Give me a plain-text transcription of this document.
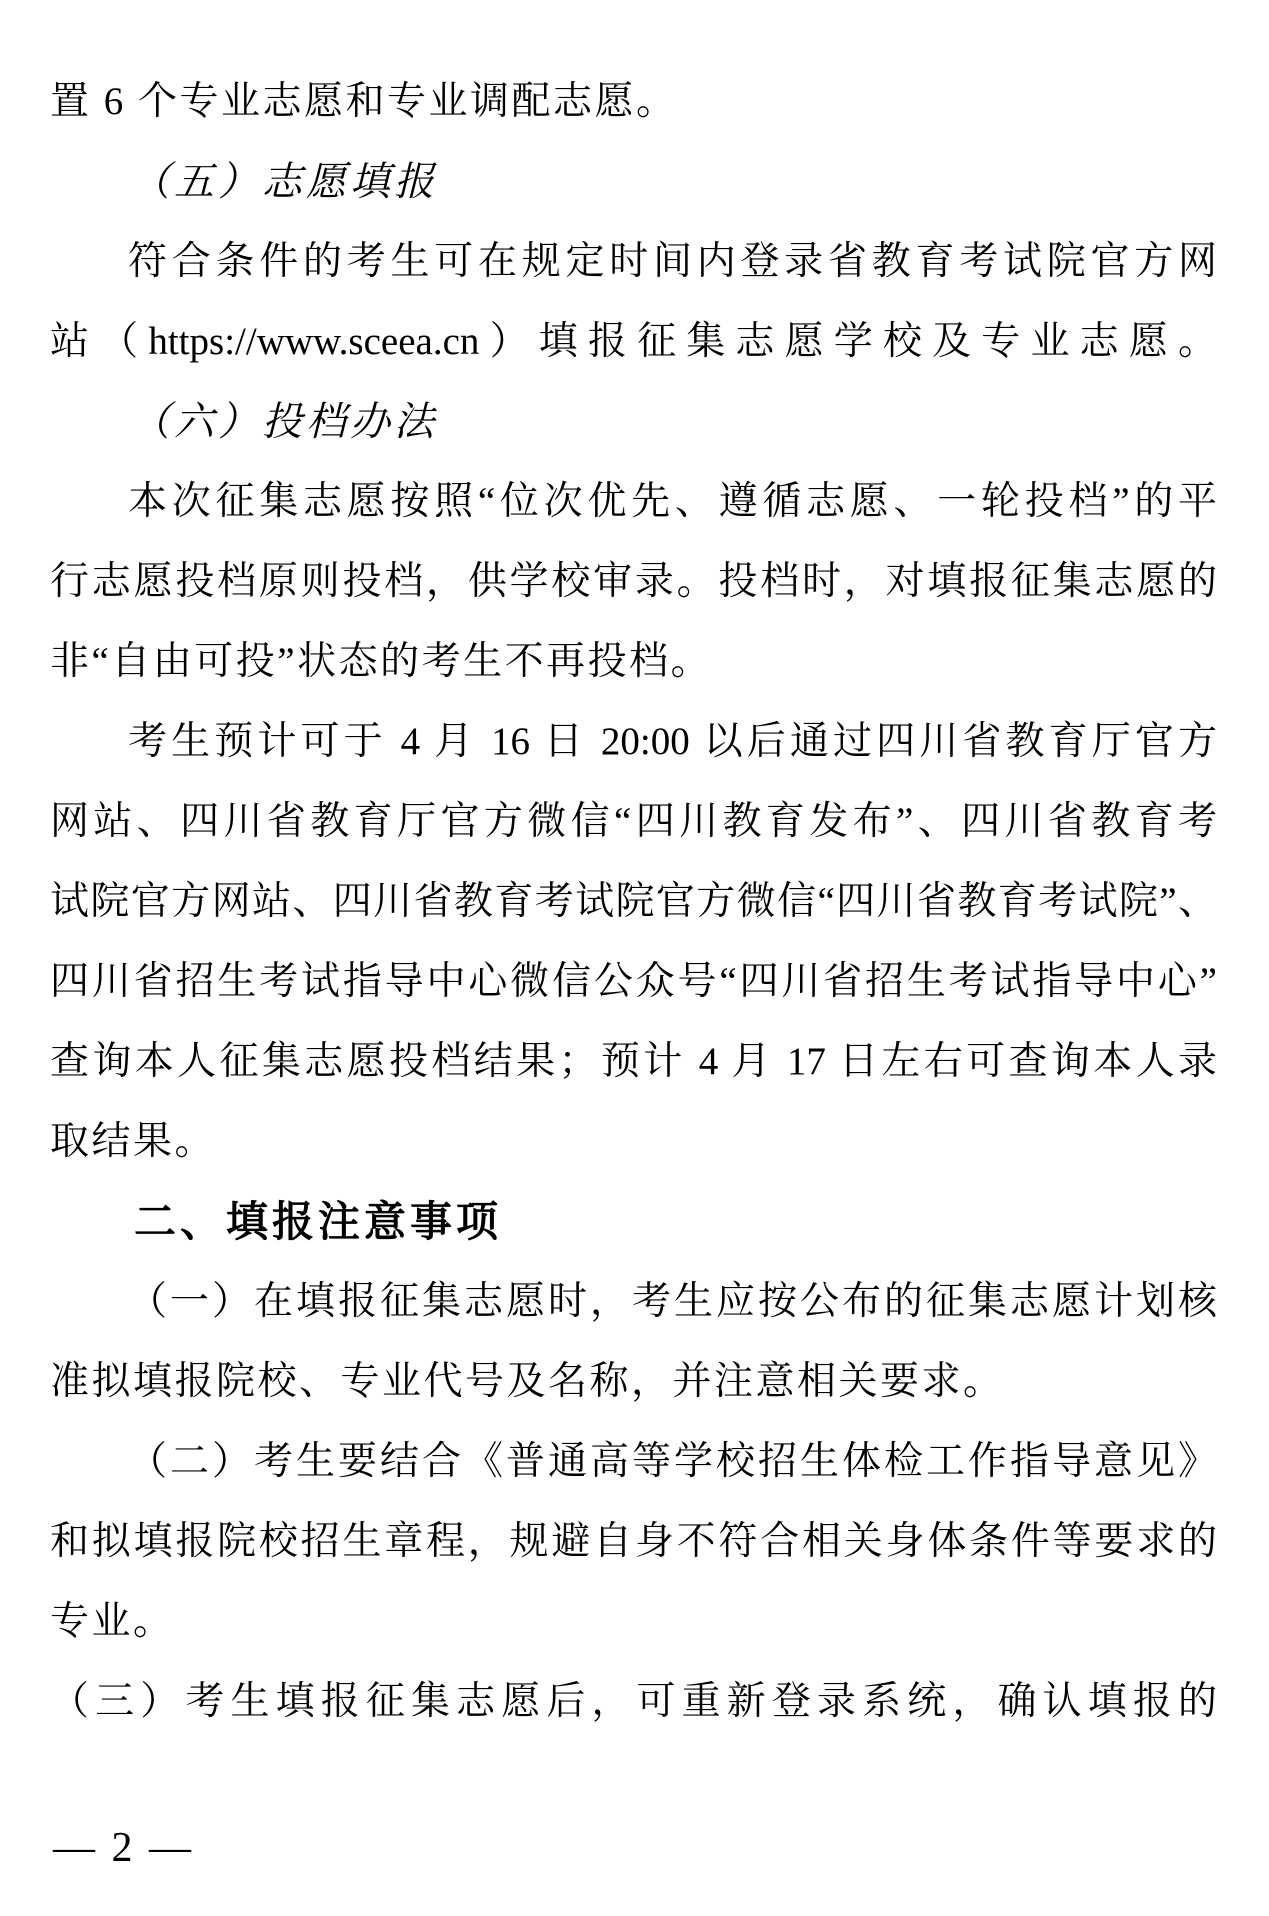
置 6 个专业志愿和专业调配志愿。
（五）志愿填报
符合条件的考生可在规定时间内登录省教育考试院官方网
站（https://www.sceea.cn）填报征集志愿学校及专业志愿。
（六）投档办法
本次征集志愿按照“位次优先、遵循志愿、一轮投档”的平
行志愿投档原则投档，供学校审录。投档时，对填报征集志愿的
非“自由可投”状态的考生不再投档。
考生预计可于 4 月 16 日 20:00 以后通过四川省教育厅官方
网站、四川省教育厅官方微信“四川教育发布”、四川省教育考
试院官方网站、四川省教育考试院官方微信“四川省教育考试院”、
四川省招生考试指导中心微信公众号“四川省招生考试指导中心”
查询本人征集志愿投档结果；预计 4 月 17 日左右可查询本人录
取结果。
二、填报注意事项
（一）在填报征集志愿时，考生应按公布的征集志愿计划核
准拟填报院校、专业代号及名称，并注意相关要求。
（二）考生要结合《普通高等学校招生体检工作指导意见》
和拟填报院校招生章程，规避自身不符合相关身体条件等要求的
专业。
（三）考生填报征集志愿后，可重新登录系统，确认填报的
— 2 —
